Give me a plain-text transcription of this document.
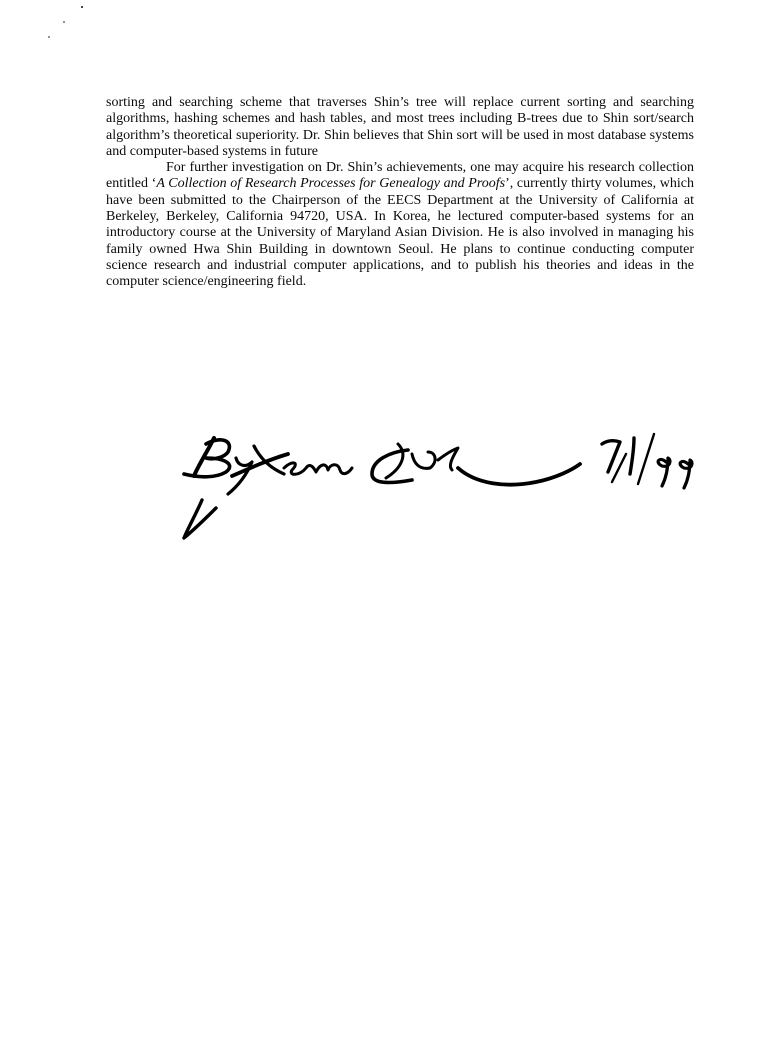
sorting and searching scheme that traverses Shin’s tree will replace current sorting and searching algorithms, hashing schemes and hash tables, and most trees including B-trees due to Shin sort/search algorithm’s theoretical superiority. Dr. Shin believes that Shin sort will be used in most database systems and computer-based systems in future

For further investigation on Dr. Shin’s achievements, one may acquire his research collection entitled ‘A Collection of Research Processes for Genealogy and Proofs’, currently thirty volumes, which have been submitted to the Chairperson of the EECS Department at the University of California at Berkeley, Berkeley, California 94720, USA. In Korea, he lectured computer-based systems for an introductory course at the University of Maryland Asian Division. He is also involved in managing his family owned Hwa Shin Building in downtown Seoul. He plans to continue conducting computer science research and industrial computer applications, and to publish his theories and ideas in the computer science/engineering field.
